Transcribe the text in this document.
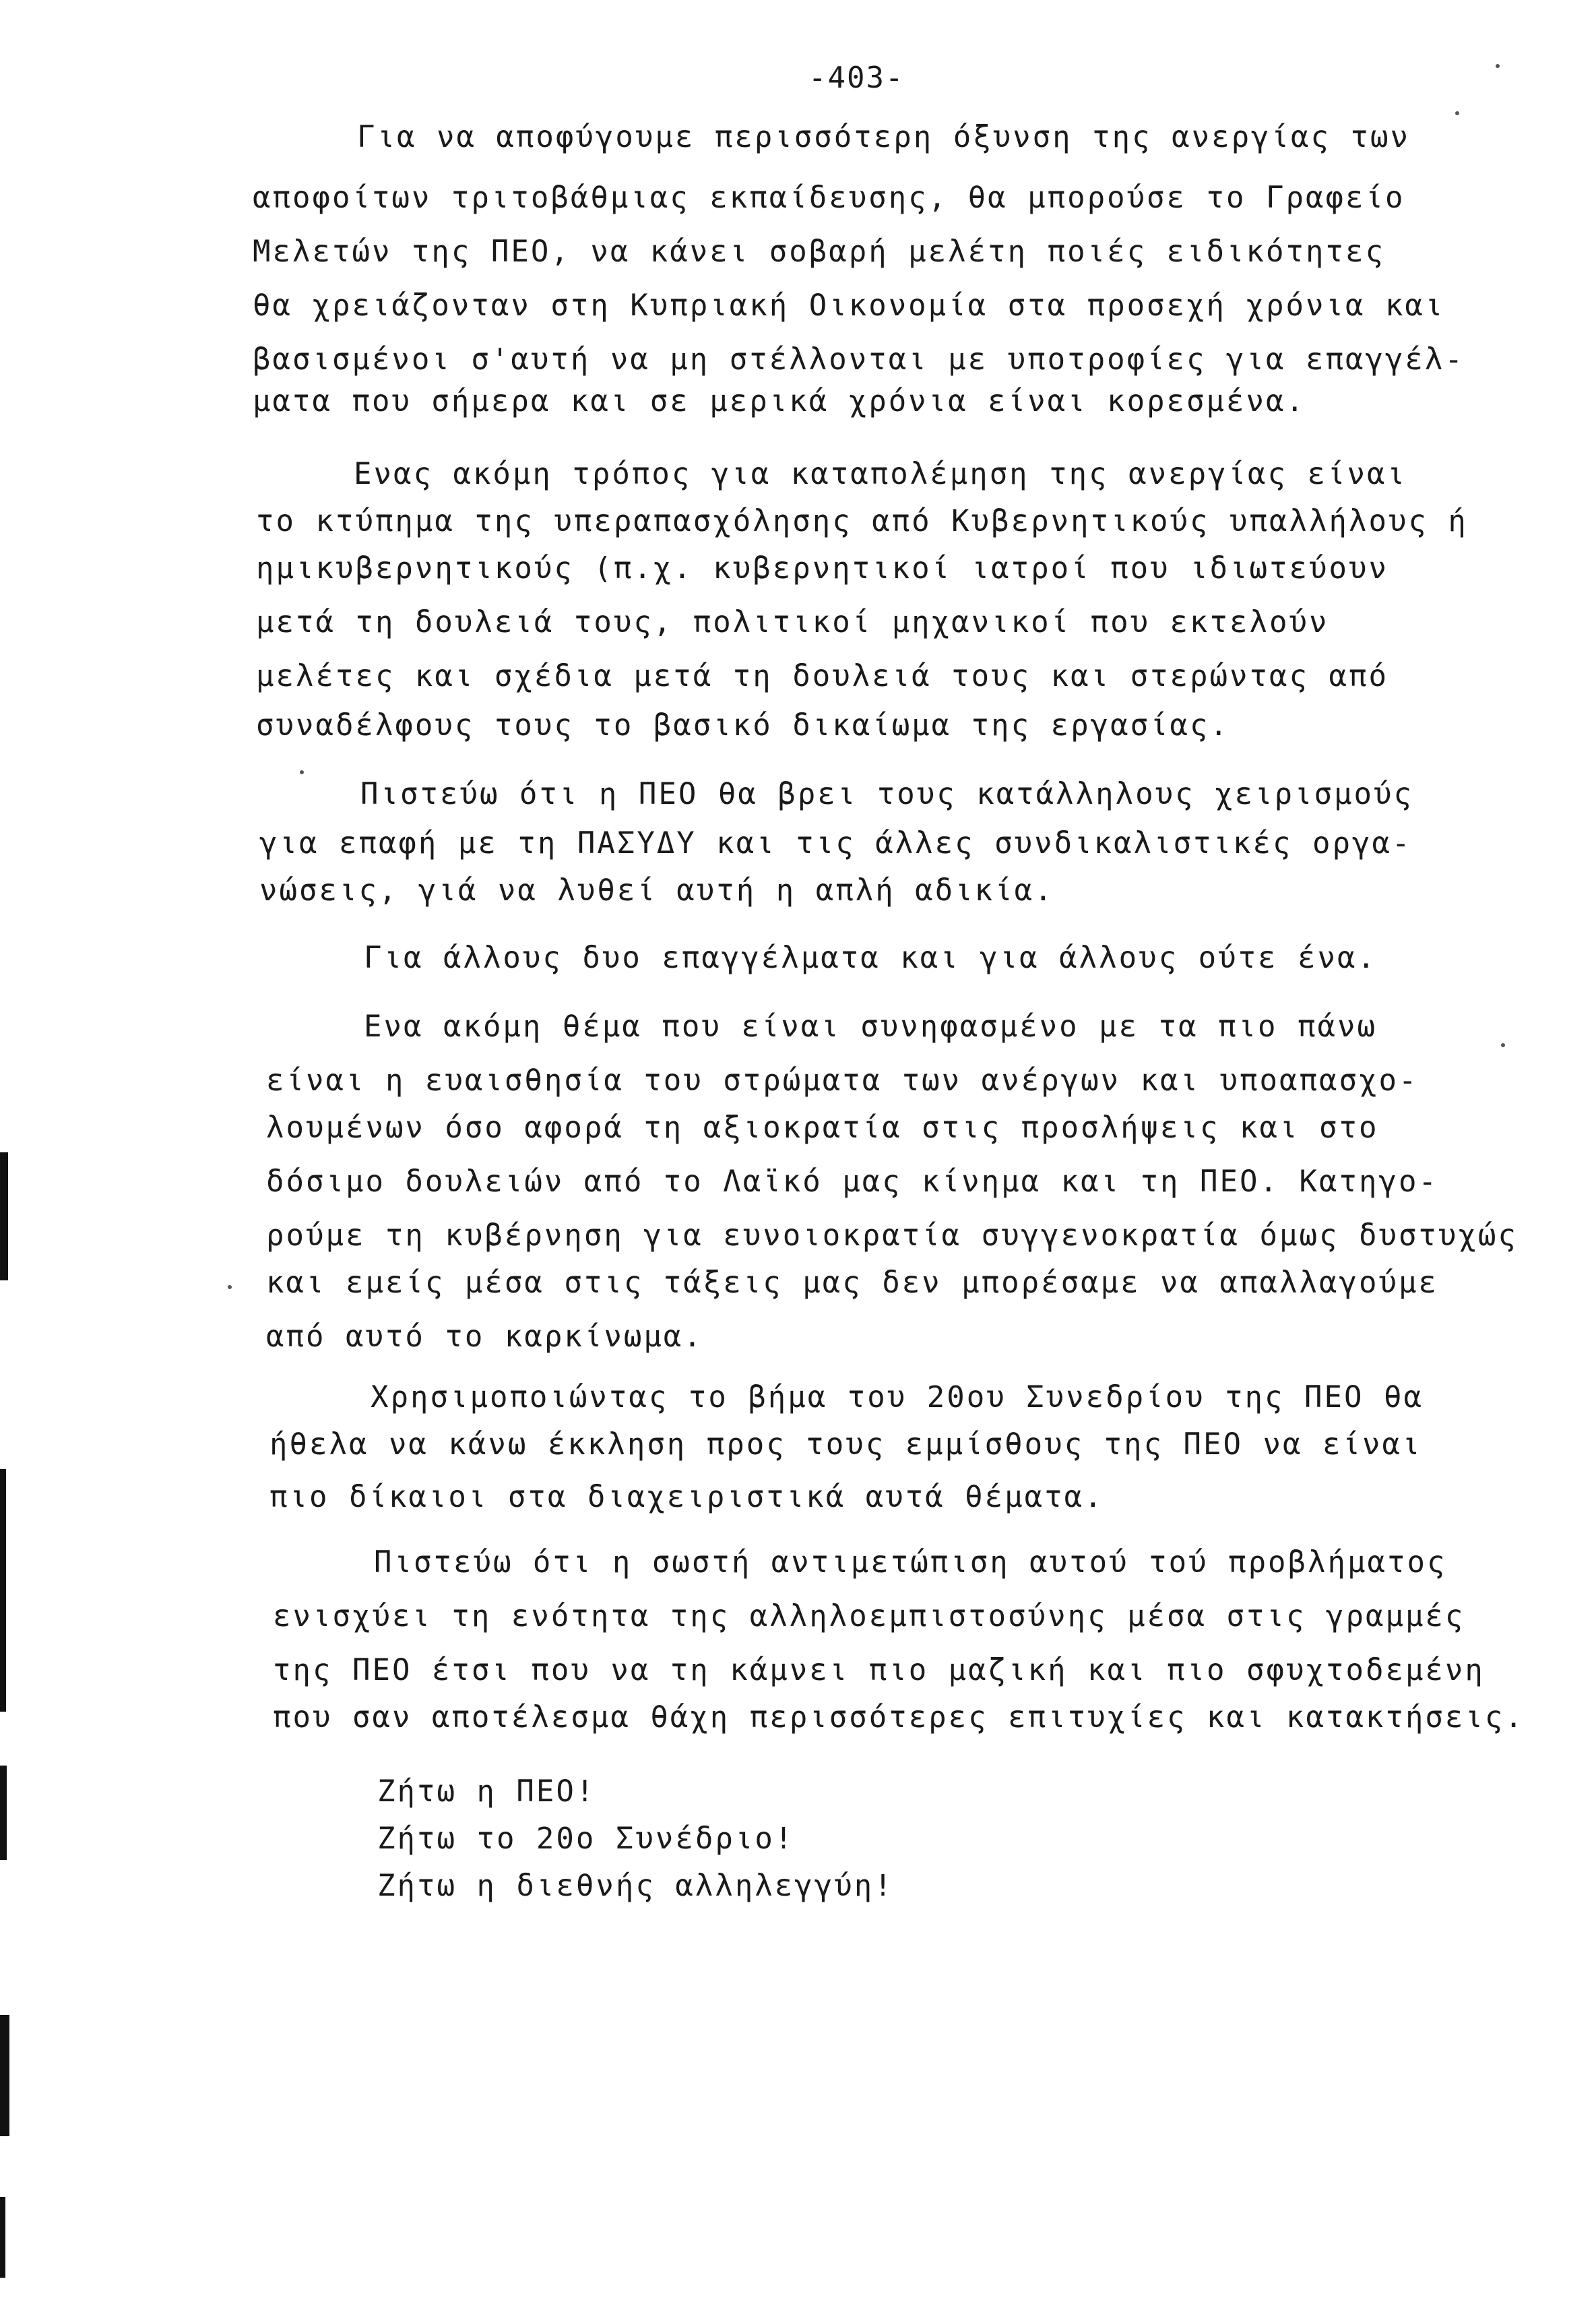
-403-
Για να αποφύγουμε περισσότερη όξυνση της ανεργίας των
αποφοίτων τριτοβάθμιας εκπαίδευσης, θα μπορούσε το Γραφείο
Μελετών της ΠΕΟ, να κάνει σοβαρή μελέτη ποιές ειδικότητες
θα χρειάζονταν στη Κυπριακή Οικονομία στα προσεχή χρόνια και
βασισμένοι σ'αυτή να μη στέλλονται με υποτροφίες για επαγγέλ-
ματα που σήμερα και σε μερικά χρόνια είναι κορεσμένα.
Ενας ακόμη τρόπος για καταπολέμηση της ανεργίας είναι
το κτύπημα της υπεραπασχόλησης από Κυβερνητικούς υπαλλήλους ή
ημικυβερνητικούς (π.χ. κυβερνητικοί ιατροί που ιδιωτεύουν
μετά τη δουλειά τους, πολιτικοί μηχανικοί που εκτελούν
μελέτες και σχέδια μετά τη δουλειά τους και στερώντας από
συναδέλφους τους το βασικό δικαίωμα της εργασίας.
Πιστεύω ότι η ΠΕΟ θα βρει τους κατάλληλους χειρισμούς
για επαφή με τη ΠΑΣΥΔΥ και τις άλλες συνδικαλιστικές οργα-
νώσεις, γιά να λυθεί αυτή η απλή αδικία.
Για άλλους δυο επαγγέλματα και για άλλους ούτε ένα.
Ενα ακόμη θέμα που είναι συνηφασμένο με τα πιο πάνω
είναι η ευαισθησία του στρώματα των ανέργων και υποαπασχο-
λουμένων όσο αφορά τη αξιοκρατία στις προσλήψεις και στο
δόσιμο δουλειών από το Λαϊκό μας κίνημα και τη ΠΕΟ. Κατηγο-
ρούμε τη κυβέρνηση για ευνοιοκρατία συγγενοκρατία όμως δυστυχώς
και εμείς μέσα στις τάξεις μας δεν μπορέσαμε να απαλλαγούμε
από αυτό το καρκίνωμα.
Χρησιμοποιώντας το βήμα του 20ου Συνεδρίου της ΠΕΟ θα
ήθελα να κάνω έκκληση προς τους εμμίσθους της ΠΕΟ να είναι
πιο δίκαιοι στα διαχειριστικά αυτά θέματα.
Πιστεύω ότι η σωστή αντιμετώπιση αυτού τού προβλήματος
ενισχύει τη ενότητα της αλληλοεμπιστοσύνης μέσα στις γραμμές
της ΠΕΟ έτσι που να τη κάμνει πιο μαζική και πιο σφυχτοδεμένη
που σαν αποτέλεσμα θάχη περισσότερες επιτυχίες και κατακτήσεις.
Ζήτω η ΠΕΟ!
Ζήτω το 20ο Συνέδριο!
Ζήτω η διεθνής αλληλεγγύη!
